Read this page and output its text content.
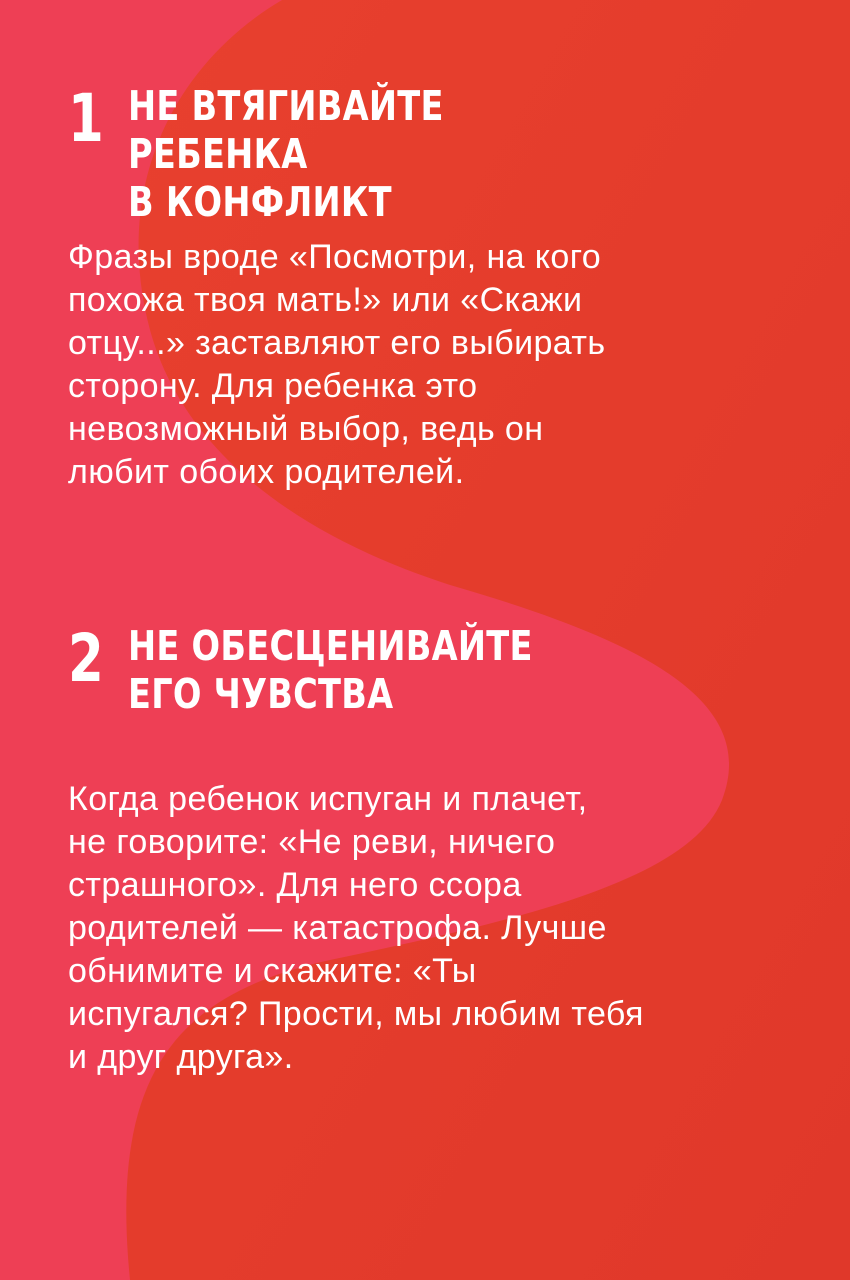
1 НЕ ВТЯГИВАЙТЕ РЕБЕНКА
В КОНФЛИКТ

Фразы вроде «Посмотри, на кого
похожа твоя мать!» или «Скажи
отцу...» заставляют его выбирать
сторону. Для ребенка это
невозможный выбор, ведь он
любит обоих родителей.

2 НЕ ОБЕСЦЕНИВАЙТЕ
ЕГО ЧУВСТВА

Когда ребенок испуган и плачет,
не говорите: «Не реви, ничего
страшного». Для него ссора
родителей — катастрофа. Лучше
обнимите и скажите: «Ты
испугался? Прости, мы любим тебя
и друг друга».
